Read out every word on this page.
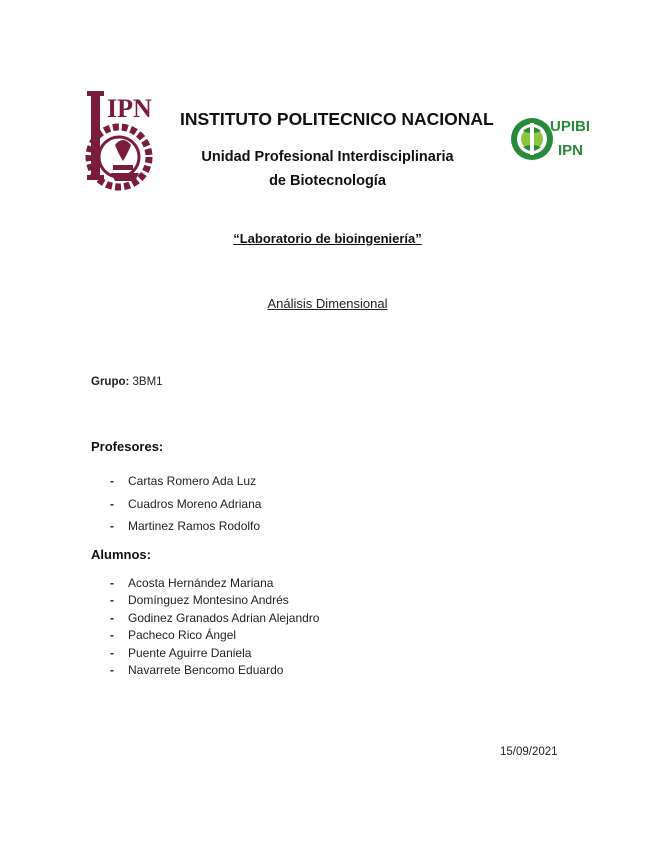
IPN
UPIBI
IPN
INSTITUTO POLITECNICO NACIONAL
Unidad Profesional Interdisciplinaria
de Biotecnología
“Laboratorio de bioingeniería”
Análisis Dimensional
Grupo: 3BM1
Profesores:
- Cartas Romero Ada Luz
- Cuadros Moreno Adriana
- Martinez Ramos Rodolfo
Alumnos:
- Acosta Hernández Mariana
- Domínguez Montesino Andrés
- Godinez Granados Adrian Alejandro
- Pacheco Rico Ángel
- Puente Aguirre Daniela
- Navarrete Bencomo Eduardo
15/09/2021
